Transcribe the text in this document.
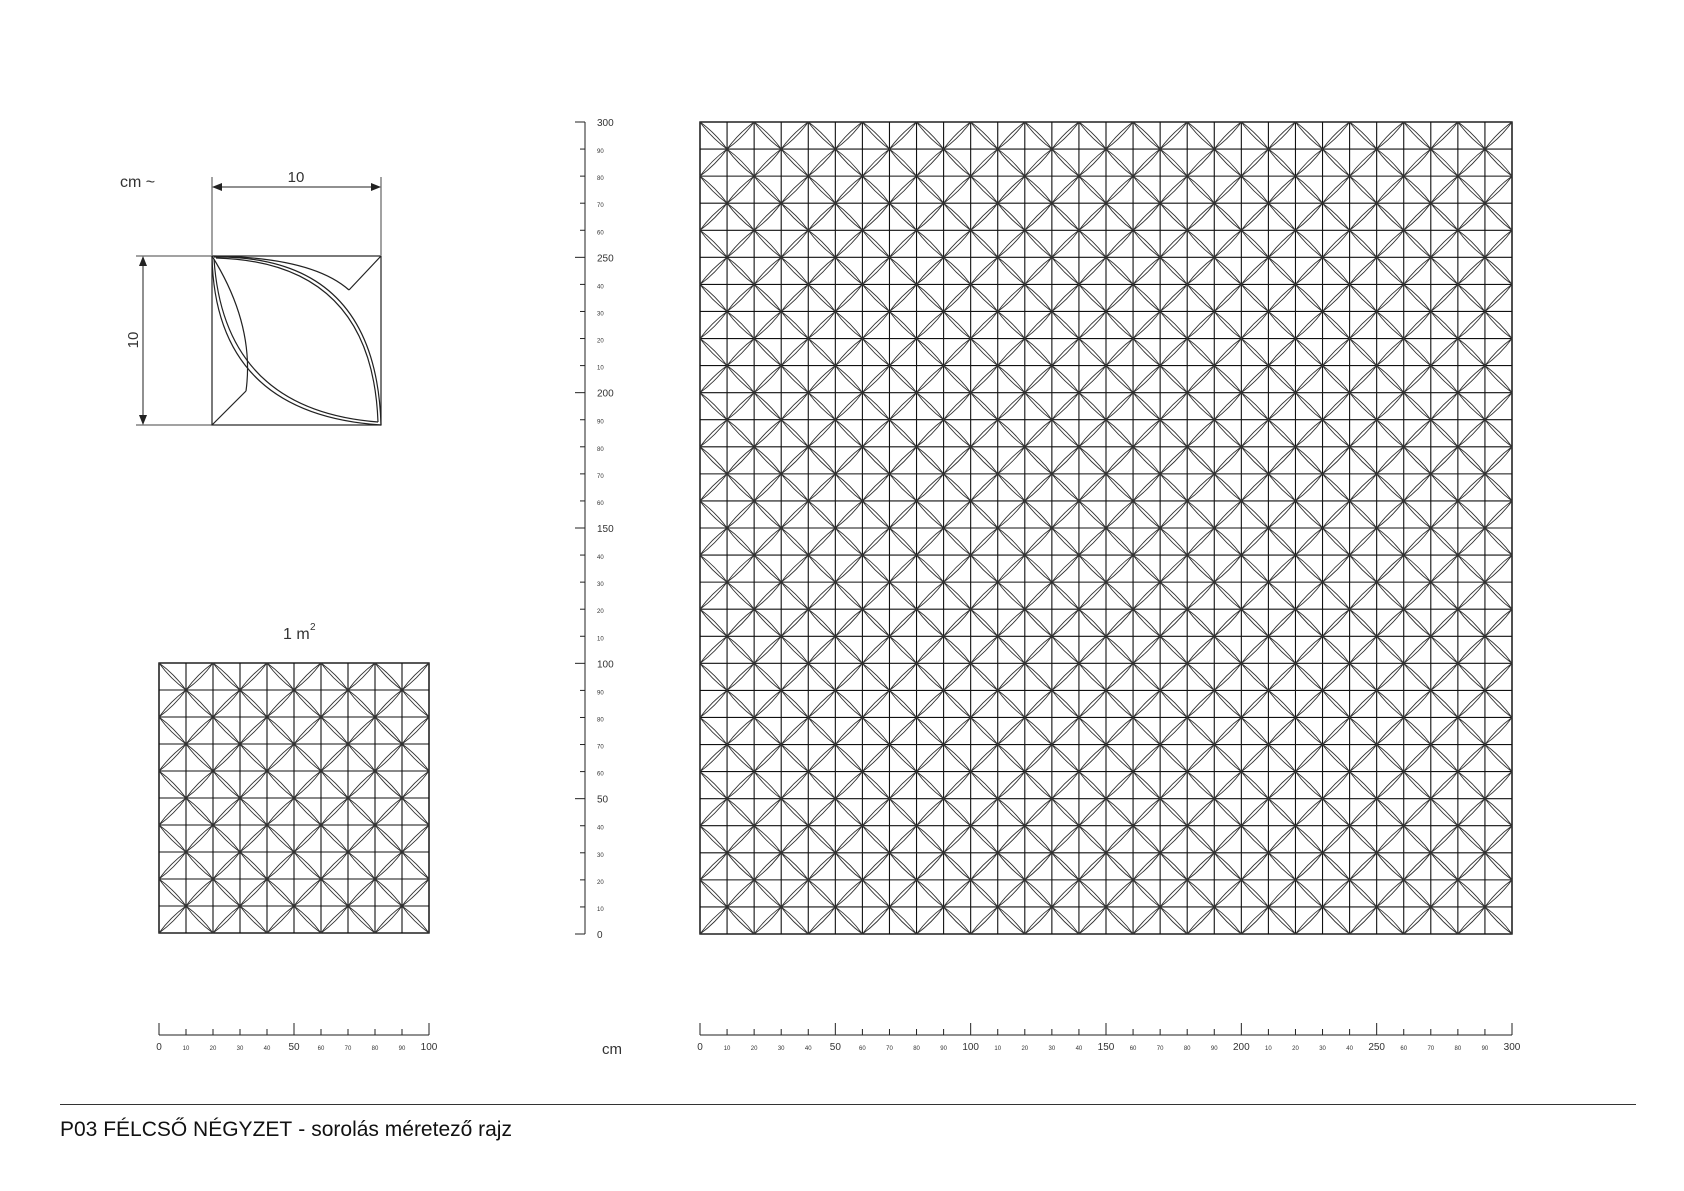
cm ~	10
10
1 m 2
0
10
20
30
40
50
60
70
80
90
100
10
20
30
40
150
60
70
80
90
200
10
20
30
40
250
60
70
80
90
300
0	10	20	30	40 50	60	70	80	90 100	0	10	20	30	40 50	60	70	80	90 100	10	20	30	40 150	60	70	80	90 200	10	20	30	40 250	60	70	80	90 300
cm
P03 FÉLCSŐ NÉGYZET - sorolás méretező rajz
